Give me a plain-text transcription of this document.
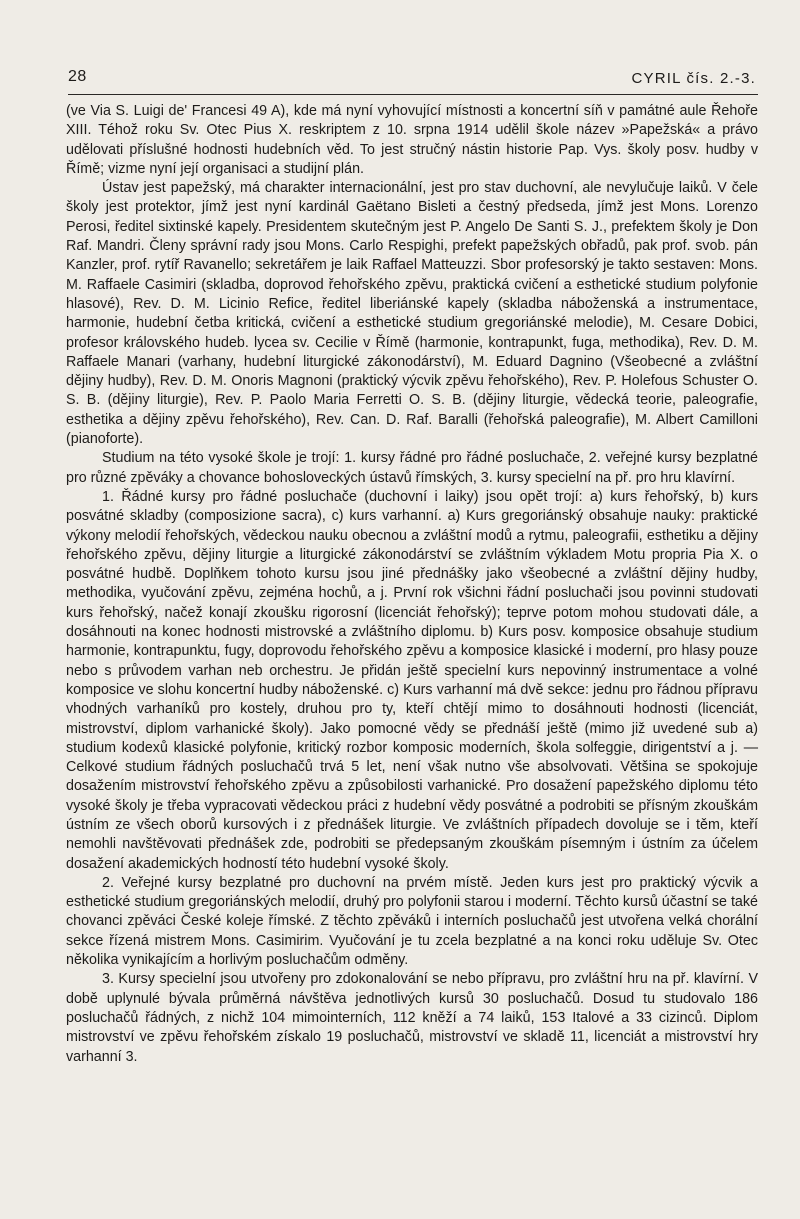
28	CYRIL čís. 2.-3.

(ve Via S. Luigi de' Francesi 49 A), kde má nyní vyhovující místnosti a koncertní síň v památné aule Řehoře XIII. Téhož roku Sv. Otec Pius X. reskriptem z 10. srpna 1914 udělil škole název »Papežská« a právo udělovati příslušné hodnosti hudebních věd. To jest stručný nástin historie Pap. Vys. školy posv. hudby v Římě; vizme nyní její organisaci a studijní plán.

Ústav jest papežský, má charakter internacionální, jest pro stav duchovní, ale nevylučuje laiků. V čele školy jest protektor, jímž jest nyní kardinál Gaëtano Bisleti a čestný předseda, jímž jest Mons. Lorenzo Perosi, ředitel sixtinské kapely. Presidentem skutečným jest P. Angelo De Santi S. J., prefektem školy je Don Raf. Mandri. Členy správní rady jsou Mons. Carlo Respighi, prefekt papežských obřadů, pak prof. svob. pán Kanzler, prof. rytíř Ravanello; sekretářem je laik Raffael Matteuzzi. Sbor profesorský je takto sestaven: Mons. M. Raffaele Casimiri (skladba, doprovod řehořského zpěvu, praktická cvičení a esthetické studium polyfonie hlasové), Rev. D. M. Licinio Refice, ředitel liberiánské kapely (skladba náboženská a instrumentace, harmonie, hudební četba kritická, cvičení a esthetické studium gregoriánské melodie), M. Cesare Dobici, profesor královského hudeb. lycea sv. Cecilie v Římě (harmonie, kontrapunkt, fuga, methodika), Rev. D. M. Raffaele Manari (varhany, hudební liturgické zákonodárství), M. Eduard Dagnino (Všeobecné a zvláštní dějiny hudby), Rev. D. M. Onoris Magnoni (praktický výcvik zpěvu řehořského), Rev. P. Holefous Schuster O. S. B. (dějiny liturgie), Rev. P. Paolo Maria Ferretti O. S. B. (dějiny liturgie, vědecká teorie, paleografie, esthetika a dějiny zpěvu řehořského), Rev. Can. D. Raf. Baralli (řehořská paleografie), M. Albert Camilloni (pianoforte).

Studium na této vysoké škole je trojí: 1. kursy řádné pro řádné posluchače, 2. veřejné kursy bezplatné pro různé zpěváky a chovance bohosloveckých ústavů římských, 3. kursy specielní na př. pro hru klavírní.

1. Řádné kursy pro řádné posluchače (duchovní i laiky) jsou opět trojí: a) kurs řehořský, b) kurs posvátné skladby (composizione sacra), c) kurs varhanní. a) Kurs gregoriánský obsahuje nauky: praktické výkony melodií řehořských, vědeckou nauku obecnou a zvláštní modů a rytmu, paleografii, esthetiku a dějiny řehořského zpěvu, dějiny liturgie a liturgické zákonodárství se zvláštním výkladem Motu propria Pia X. o posvátné hudbě. Doplňkem tohoto kursu jsou jiné přednášky jako všeobecné a zvláštní dějiny hudby, methodika, vyučování zpěvu, zejména hochů, a j. První rok všichni řádní posluchači jsou povinni studovati kurs řehořský, načež konají zkoušku rigorosní (licenciát řehořský); teprve potom mohou studovati dále, a dosáhnouti na konec hodnosti mistrovské a zvláštního diplomu. b) Kurs posv. komposice obsahuje studium harmonie, kontrapunktu, fugy, doprovodu řehořského zpěvu a komposice klasické i moderní, pro hlasy pouze nebo s průvodem varhan neb orchestru. Je přidán ještě specielní kurs nepovinný instrumentace a volné komposice ve slohu koncertní hudby náboženské. c) Kurs varhanní má dvě sekce: jednu pro řádnou přípravu vhodných varhaníků pro kostely, druhou pro ty, kteří chtějí mimo to dosáhnouti hodnosti (licenciát, mistrovství, diplom varhanické školy). Jako pomocné vědy se přednáší ještě (mimo již uvedené sub a) studium kodexů klasické polyfonie, kritický rozbor komposic moderních, škola solfeggie, dirigentství a j. — Celkové studium řádných posluchačů trvá 5 let, není však nutno vše absolvovati. Většina se spokojuje dosažením mistrovství řehořského zpěvu a způsobilosti varhanické. Pro dosažení papežského diplomu této vysoké školy je třeba vypracovati vědeckou práci z hudební vědy posvátné a podrobiti se přísným zkouškám ústním ze všech oborů kursových i z přednášek liturgie. Ve zvláštních případech dovoluje se i těm, kteří nemohli navštěvovati přednášek zde, podrobiti se předepsaným zkouškám písemným i ústním za účelem dosažení akademických hodností této hudební vysoké školy.

2. Veřejné kursy bezplatné pro duchovní na prvém místě. Jeden kurs jest pro praktický výcvik a esthetické studium gregoriánských melodií, druhý pro polyfonii starou i moderní. Těchto kursů účastní se také chovanci zpěváci České koleje římské. Z těchto zpěváků i interních posluchačů jest utvořena velká chorální sekce řízená mistrem Mons. Casimirim. Vyučování je tu zcela bezplatné a na konci roku uděluje Sv. Otec několika vynikajícím a horlivým posluchačům odměny.

3. Kursy specielní jsou utvořeny pro zdokonalování se nebo přípravu, pro zvláštní hru na př. klavírní. V době uplynulé bývala průměrná návštěva jednotlivých kursů 30 posluchačů. Dosud tu studovalo 186 posluchačů řádných, z nichž 104 mimointerních, 112 kněží a 74 laiků, 153 Italové a 33 cizinců. Diplom mistrovství ve zpěvu řehořském získalo 19 posluchačů, mistrovství ve skladě 11, licenciát a mistrovství hry varhanní 3.
